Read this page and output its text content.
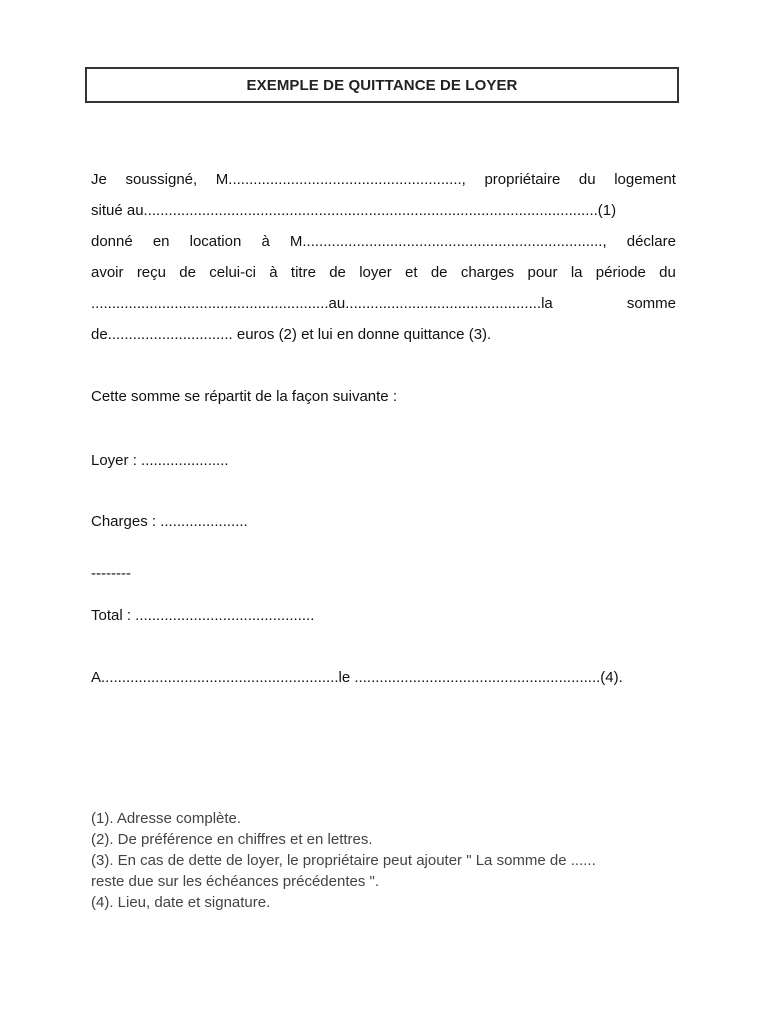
EXEMPLE DE QUITTANCE DE LOYER
Je soussigné, M........................................................, propriétaire du logement
situé au.............................................................................................................(1)
donné en location à M........................................................................, déclare
avoir reçu de celui-ci à titre de loyer et de charges pour la période du
.........................................................au...............................................la	somme
de.............................. euros (2) et lui en donne quittance (3).
Cette somme se répartit de la façon suivante :
Loyer : .....................
Charges : .....................
--------
Total : ...........................................
A.........................................................le ...........................................................(4).
(1). Adresse complète.
(2). De préférence en chiffres et en lettres.
(3). En cas de dette de loyer, le propriétaire peut ajouter " La somme de ......
reste due sur les échéances précédentes ".
(4). Lieu, date et signature.
